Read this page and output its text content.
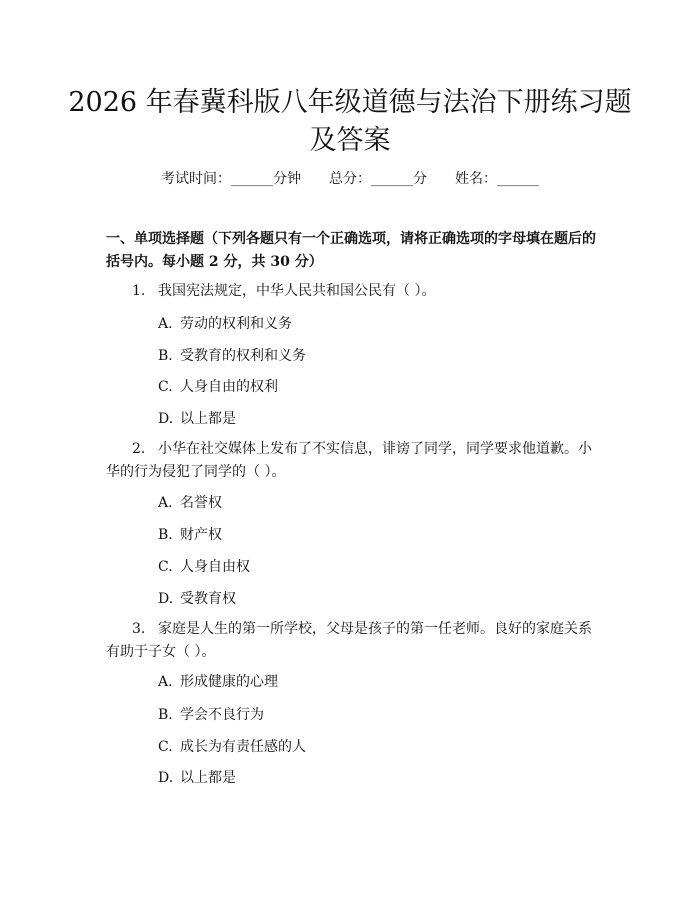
2026 年春冀科版八年级道德与法治下册练习题及答案
考试时间：______分钟 总分：______分 姓名：______
一、单项选择题（下列各题只有一个正确选项，请将正确选项的字母填在题后的括号内。每小题 2 分，共 30 分）
1. 我国宪法规定，中华人民共和国公民有（ ）。
A. 劳动的权利和义务
B. 受教育的权利和义务
C. 人身自由的权利
D. 以上都是
2. 小华在社交媒体上发布了不实信息，诽谤了同学，同学要求他道歉。小华的行为侵犯了同学的（ ）。
A. 名誉权
B. 财产权
C. 人身自由权
D. 受教育权
3. 家庭是人生的第一所学校，父母是孩子的第一任老师。良好的家庭关系有助于子女（ ）。
A. 形成健康的心理
B. 学会不良行为
C. 成长为有责任感的人
D. 以上都是
